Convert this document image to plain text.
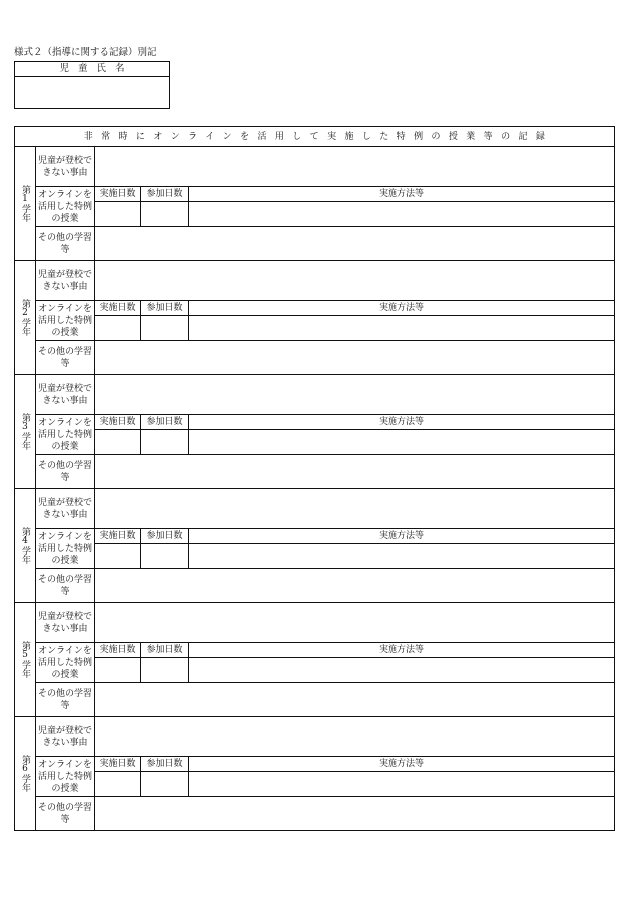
様式２（指導に関する記録）別記
児童氏名
非常時にオンラインを活用して実施した特例の授業等の記録				
第1学年	児童が登校できない事由			
	オンラインを活用した特例の授業	実施日数	参加日数	実施方法等

	その他の学習等			
第2学年	児童が登校できない事由			
	オンラインを活用した特例の授業	実施日数	参加日数	実施方法等

	その他の学習等			
第3学年	児童が登校できない事由			
	オンラインを活用した特例の授業	実施日数	参加日数	実施方法等

	その他の学習等			
第4学年	児童が登校できない事由			
	オンラインを活用した特例の授業	実施日数	参加日数	実施方法等

	その他の学習等			
第5学年	児童が登校できない事由			
	オンラインを活用した特例の授業	実施日数	参加日数	実施方法等

	その他の学習等			
第6学年	児童が登校できない事由			
	オンラインを活用した特例の授業	実施日数	参加日数	実施方法等

	その他の学習等			
